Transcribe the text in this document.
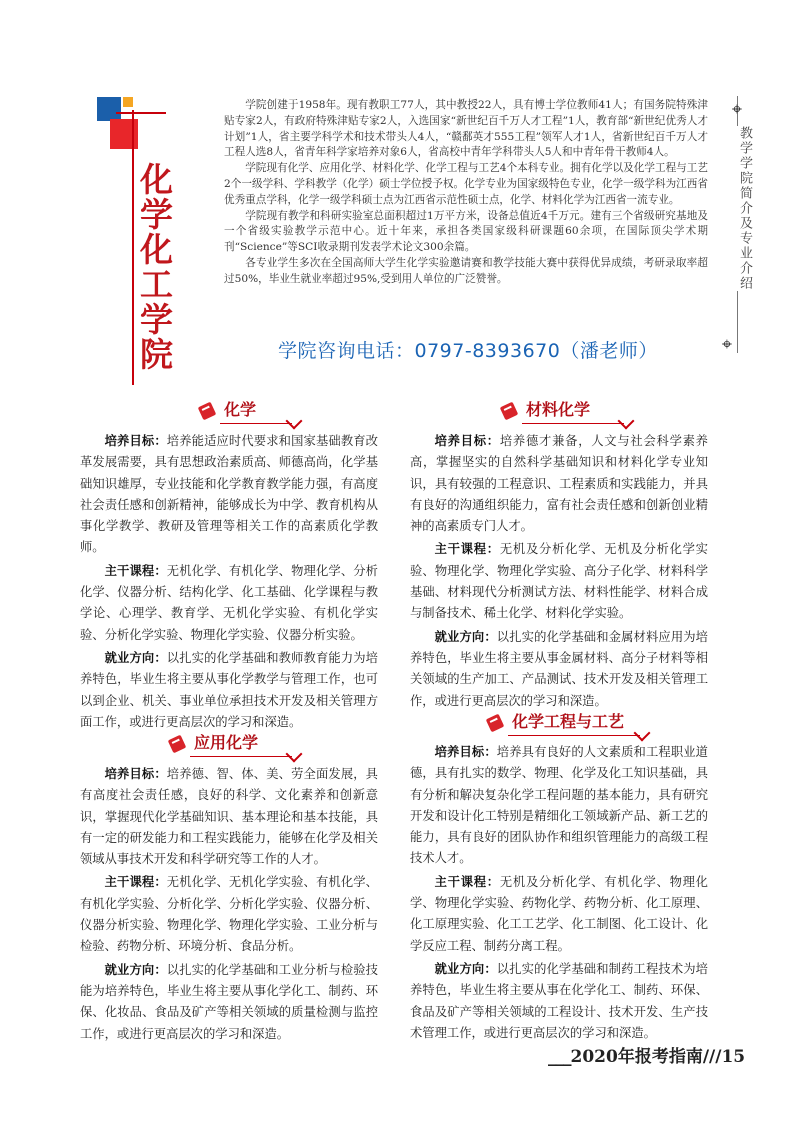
化学化工学院

学院创建于1958年。现有教职工77人，其中教授22人，具有博士学位教师41人；有国务院特殊津贴专家2人，有政府特殊津贴专家2人，入选国家“新世纪百千万人才工程”1人，教育部“新世纪优秀人才计划”1人，省主要学科学术和技术带头人4人，“赣鄱英才555工程”领军人才1人，省新世纪百千万人才工程人选8人，省青年科学家培养对象6人，省高校中青年学科带头人5人和中青年骨干教师4人。

学院现有化学、应用化学、材料化学、化学工程与工艺4个本科专业。拥有化学以及化学工程与工艺2个一级学科、学科教学（化学）硕士学位授予权。化学专业为国家级特色专业，化学一级学科为江西省优秀重点学科，化学一级学科硕士点为江西省示范性硕士点，化学、材料化学为江西省一流专业。

学院现有教学和科研实验室总面积超过1万平方米，设备总值近4千万元。建有三个省级研究基地及一个省级实验教学示范中心。近十年来，承担各类国家级科研课题60余项，在国际顶尖学术期刊“Science”等SCI收录期刊发表学术论文300余篇。

各专业学生多次在全国高师大学生化学实验邀请赛和教学技能大赛中获得优异成绩，考研录取率超过50%，毕业生就业率超过95%,受到用人单位的广泛赞誉。

学院咨询电话：0797-8393670（潘老师）
⌖
教学学院简介及专业介绍
⌖
化学

培养目标：培养能适应时代要求和国家基础教育改革发展需要，具有思想政治素质高、师德高尚，化学基础知识雄厚，专业技能和化学教育教学能力强，有高度社会责任感和创新精神，能够成长为中学、教育机构从事化学教学、教研及管理等相关工作的高素质化学教师。

主干课程：无机化学、有机化学、物理化学、分析化学、仪器分析、结构化学、化工基础、化学课程与教学论、心理学、教育学、无机化学实验、有机化学实验、分析化学实验、物理化学实验、仪器分析实验。

就业方向：以扎实的化学基础和教师教育能力为培养特色，毕业生将主要从事化学教学与管理工作，也可以到企业、机关、事业单位承担技术开发及相关管理方面工作，或进行更高层次的学习和深造。

应用化学

培养目标：培养德、智、体、美、劳全面发展，具有高度社会责任感，良好的科学、文化素养和创新意识，掌握现代化学基础知识、基本理论和基本技能，具有一定的研发能力和工程实践能力，能够在化学及相关领域从事技术开发和科学研究等工作的人才。

主干课程：无机化学、无机化学实验、有机化学、有机化学实验、分析化学、分析化学实验、仪器分析、仪器分析实验、物理化学、物理化学实验、工业分析与检验、药物分析、环境分析、食品分析。

就业方向：以扎实的化学基础和工业分析与检验技能为培养特色，毕业生将主要从事化学化工、制药、环保、化妆品、食品及矿产等相关领域的质量检测与监控工作，或进行更高层次的学习和深造。

材料化学

培养目标：培养德才兼备，人文与社会科学素养高，掌握坚实的自然科学基础知识和材料化学专业知识，具有较强的工程意识、工程素质和实践能力，并具有良好的沟通组织能力，富有社会责任感和创新创业精神的高素质专门人才。

主干课程：无机及分析化学、无机及分析化学实验、物理化学、物理化学实验、高分子化学、材料科学基础、材料现代分析测试方法、材料性能学、材料合成与制备技术、稀土化学、材料化学实验。

就业方向：以扎实的化学基础和金属材料应用为培养特色，毕业生将主要从事金属材料、高分子材料等相关领域的生产加工、产品测试、技术开发及相关管理工作，或进行更高层次的学习和深造。

化学工程与工艺

培养目标：培养具有良好的人文素质和工程职业道德，具有扎实的数学、物理、化学及化工知识基础，具有分析和解决复杂化学工程问题的基本能力，具有研究开发和设计化工特别是精细化工领域新产品、新工艺的能力，具有良好的团队协作和组织管理能力的高级工程技术人才。

主干课程：无机及分析化学、有机化学、物理化学、物理化学实验、药物化学、药物分析、化工原理、化工原理实验、化工工艺学、化工制图、化工设计、化学反应工程、制药分离工程。

就业方向：以扎实的化学基础和制药工程技术为培养特色，毕业生将主要从事在化学化工、制药、环保、食品及矿产等相关领域的工程设计、技术开发、生产技术管理工作，或进行更高层次的学习和深造。

___2020年报考指南///15
